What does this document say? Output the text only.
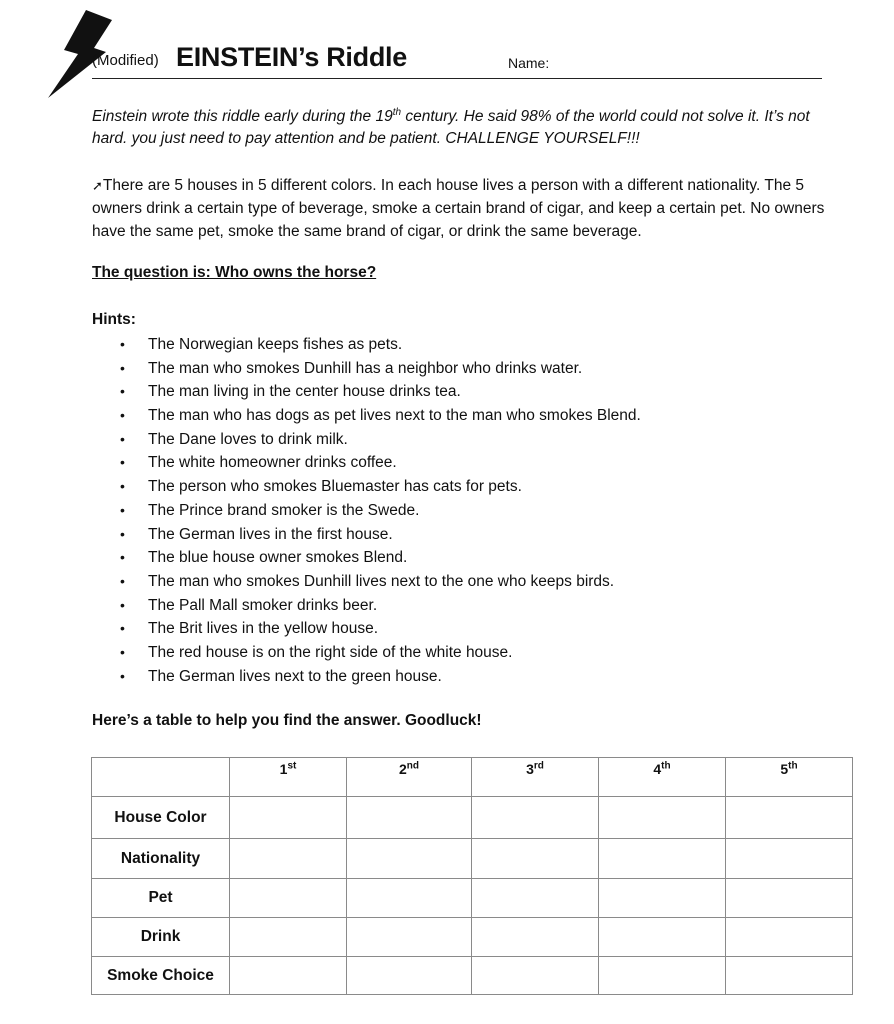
(Modified) EINSTEIN’s Riddle	Name:
Einstein wrote this riddle early during the 19th century. He said 98% of the world could not solve it. It’s not hard. you just need to pay attention and be patient. CHALLENGE YOURSELF!!!
➚There are 5 houses in 5 different colors. In each house lives a person with a different nationality. The 5 owners drink a certain type of beverage, smoke a certain brand of cigar, and keep a certain pet. No owners have the same pet, smoke the same brand of cigar, or drink the same beverage.
The question is: Who owns the horse?
Hints:
• The Norwegian keeps fishes as pets.
• The man who smokes Dunhill has a neighbor who drinks water.
• The man living in the center house drinks tea.
• The man who has dogs as pet lives next to the man who smokes Blend.
• The Dane loves to drink milk.
• The white homeowner drinks coffee.
• The person who smokes Bluemaster has cats for pets.
• The Prince brand smoker is the Swede.
• The German lives in the first house.
• The blue house owner smokes Blend.
• The man who smokes Dunhill lives next to the one who keeps birds.
• The Pall Mall smoker drinks beer.
• The Brit lives in the yellow house.
• The red house is on the right side of the white house.
• The German lives next to the green house.
Here’s a table to help you find the answer. Goodluck!
	1st	2nd	3rd	4th	5th
House Color					
Nationality					
Pet					
Drink					
Smoke Choice					
